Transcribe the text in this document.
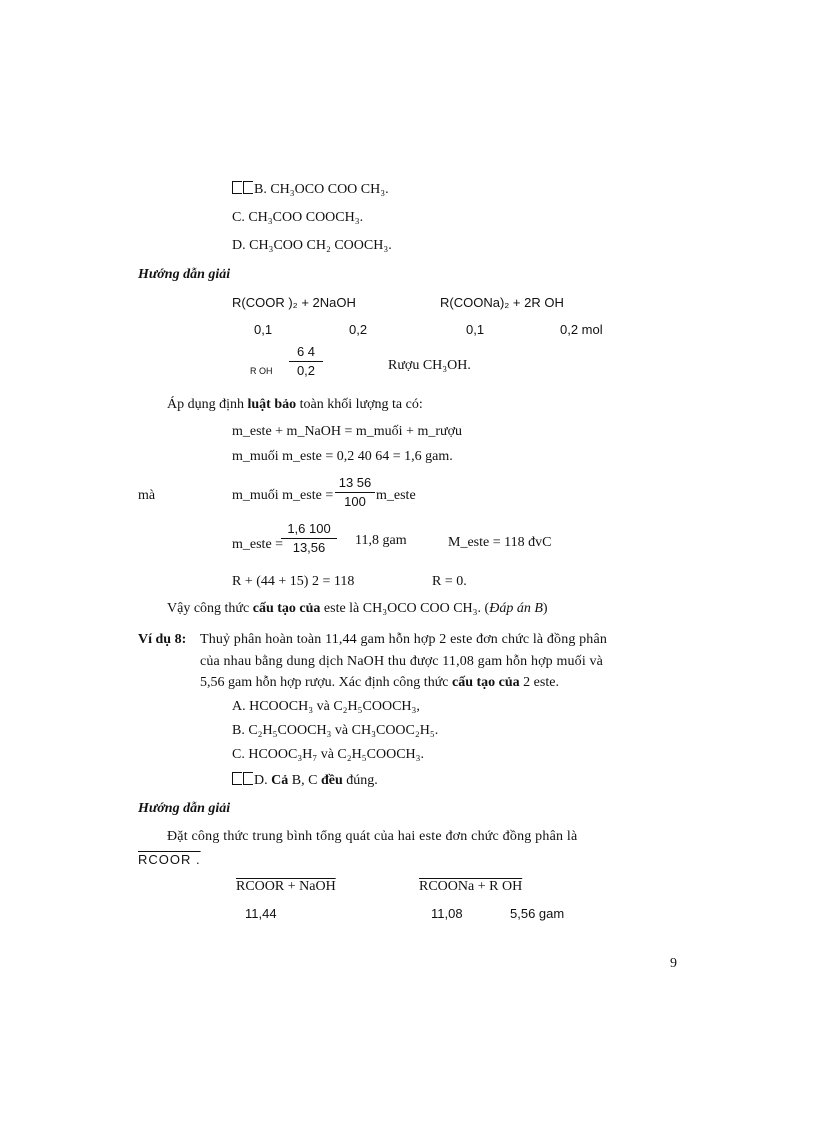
B. CH₃OCO COO CH₃.
C. CH₃COO COOCH₃.
D. CH₃COO CH₂ COOCH₃.
Hướng dẫn giải
R(COOR )₂ + 2NaOH	R(COONa)₂ + 2R OH
0,1	0,2	0,1	0,2 mol
R OH $\frac{6 4}{0,2}$	Rượu CH₃OH.
Áp dụng định luật bảo toàn khối lượng ta có:
m_este + m_NaOH = m_muối + m_rượu
m_muối m_este = 0,2 40 64 = 1,6 gam.
mà	m_muối m_este = $\frac{13 56}{100}$ m_este
m_este =
$\frac{1,6 100}{13,56} 11,8$ gam	M_este = 118 đvC
R + (44 + 15) 2 = 118	R = 0.
Vậy công thức cấu tạo của este là CH₃OCO COO CH₃. (Đáp án B)
Ví dụ 8: Thuỷ phân hoàn toàn 11,44 gam hỗn hợp 2 este đơn chức là đồng phân
của nhau bằng dung dịch NaOH thu được 11,08 gam hỗn hợp muối và
5,56 gam hỗn hợp rượu. Xác định công thức cấu tạo của 2 este.
A. HCOOCH₃ và C₂H₅COOCH₃,
B. C₂H₅COOCH₃ và CH₃COOC₂H₅.
C. HCOOC₃H₇ và C₂H₅COOCH₃.
D. Cả B, C đều đúng.
Hướng dẫn giải
Đặt công thức trung bình tổng quát của hai este đơn chức đồng phân là
RCOOR .
RCOOR + NaOH	RCOONa + R OH
11,44	11,08	5,56 gam
9
